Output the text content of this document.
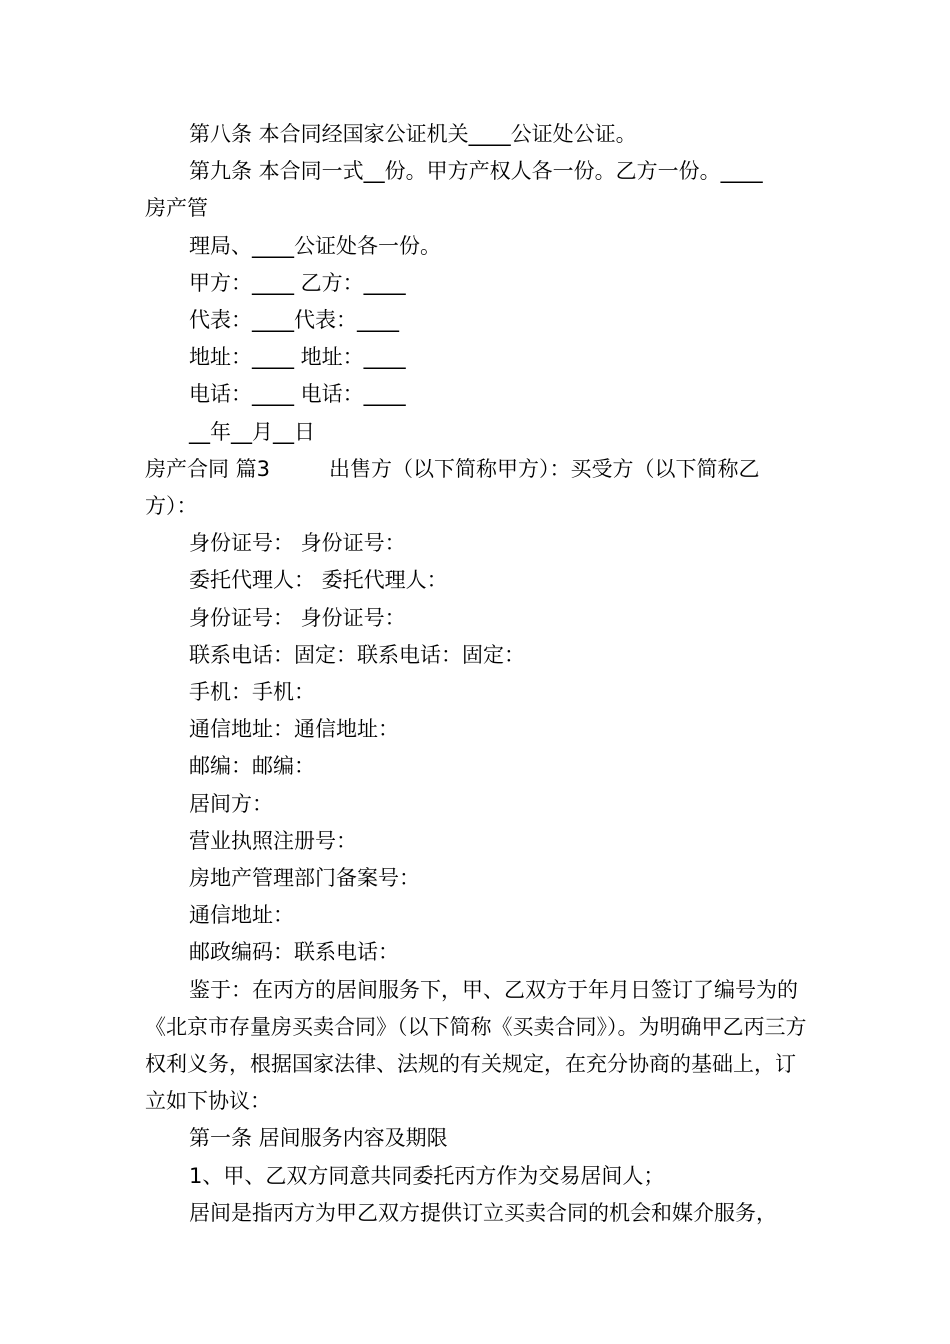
第八条 本合同经国家公证机关____公证处公证。
第九条 本合同一式__份。甲方产权人各一份。乙方一份。____
房产管
理局、____公证处各一份。
甲方：____ 乙方：____
代表：____代表：____
地址：____ 地址：____
电话：____ 电话：____
__年__月__日
房产合同 篇3	出售方（以下简称甲方）：买受方（以下简称乙
方）：
身份证号： 身份证号：
委托代理人： 委托代理人：
身份证号： 身份证号：
联系电话：固定：联系电话：固定：
手机：手机：
通信地址：通信地址：
邮编：邮编：
居间方：
营业执照注册号：
房地产管理部门备案号：
通信地址：
邮政编码：联系电话：
鉴于：在丙方的居间服务下，甲、乙双方于年月日签订了编号为的《北京市存量房买卖合同》（以下简称《买卖合同》）。为明确甲乙丙三方权利义务，根据国家法律、法规的有关规定，在充分协商的基础上，订立如下协议：
第一条 居间服务内容及期限
1、甲、乙双方同意共同委托丙方作为交易居间人；
居间是指丙方为甲乙双方提供订立买卖合同的机会和媒介服务，
